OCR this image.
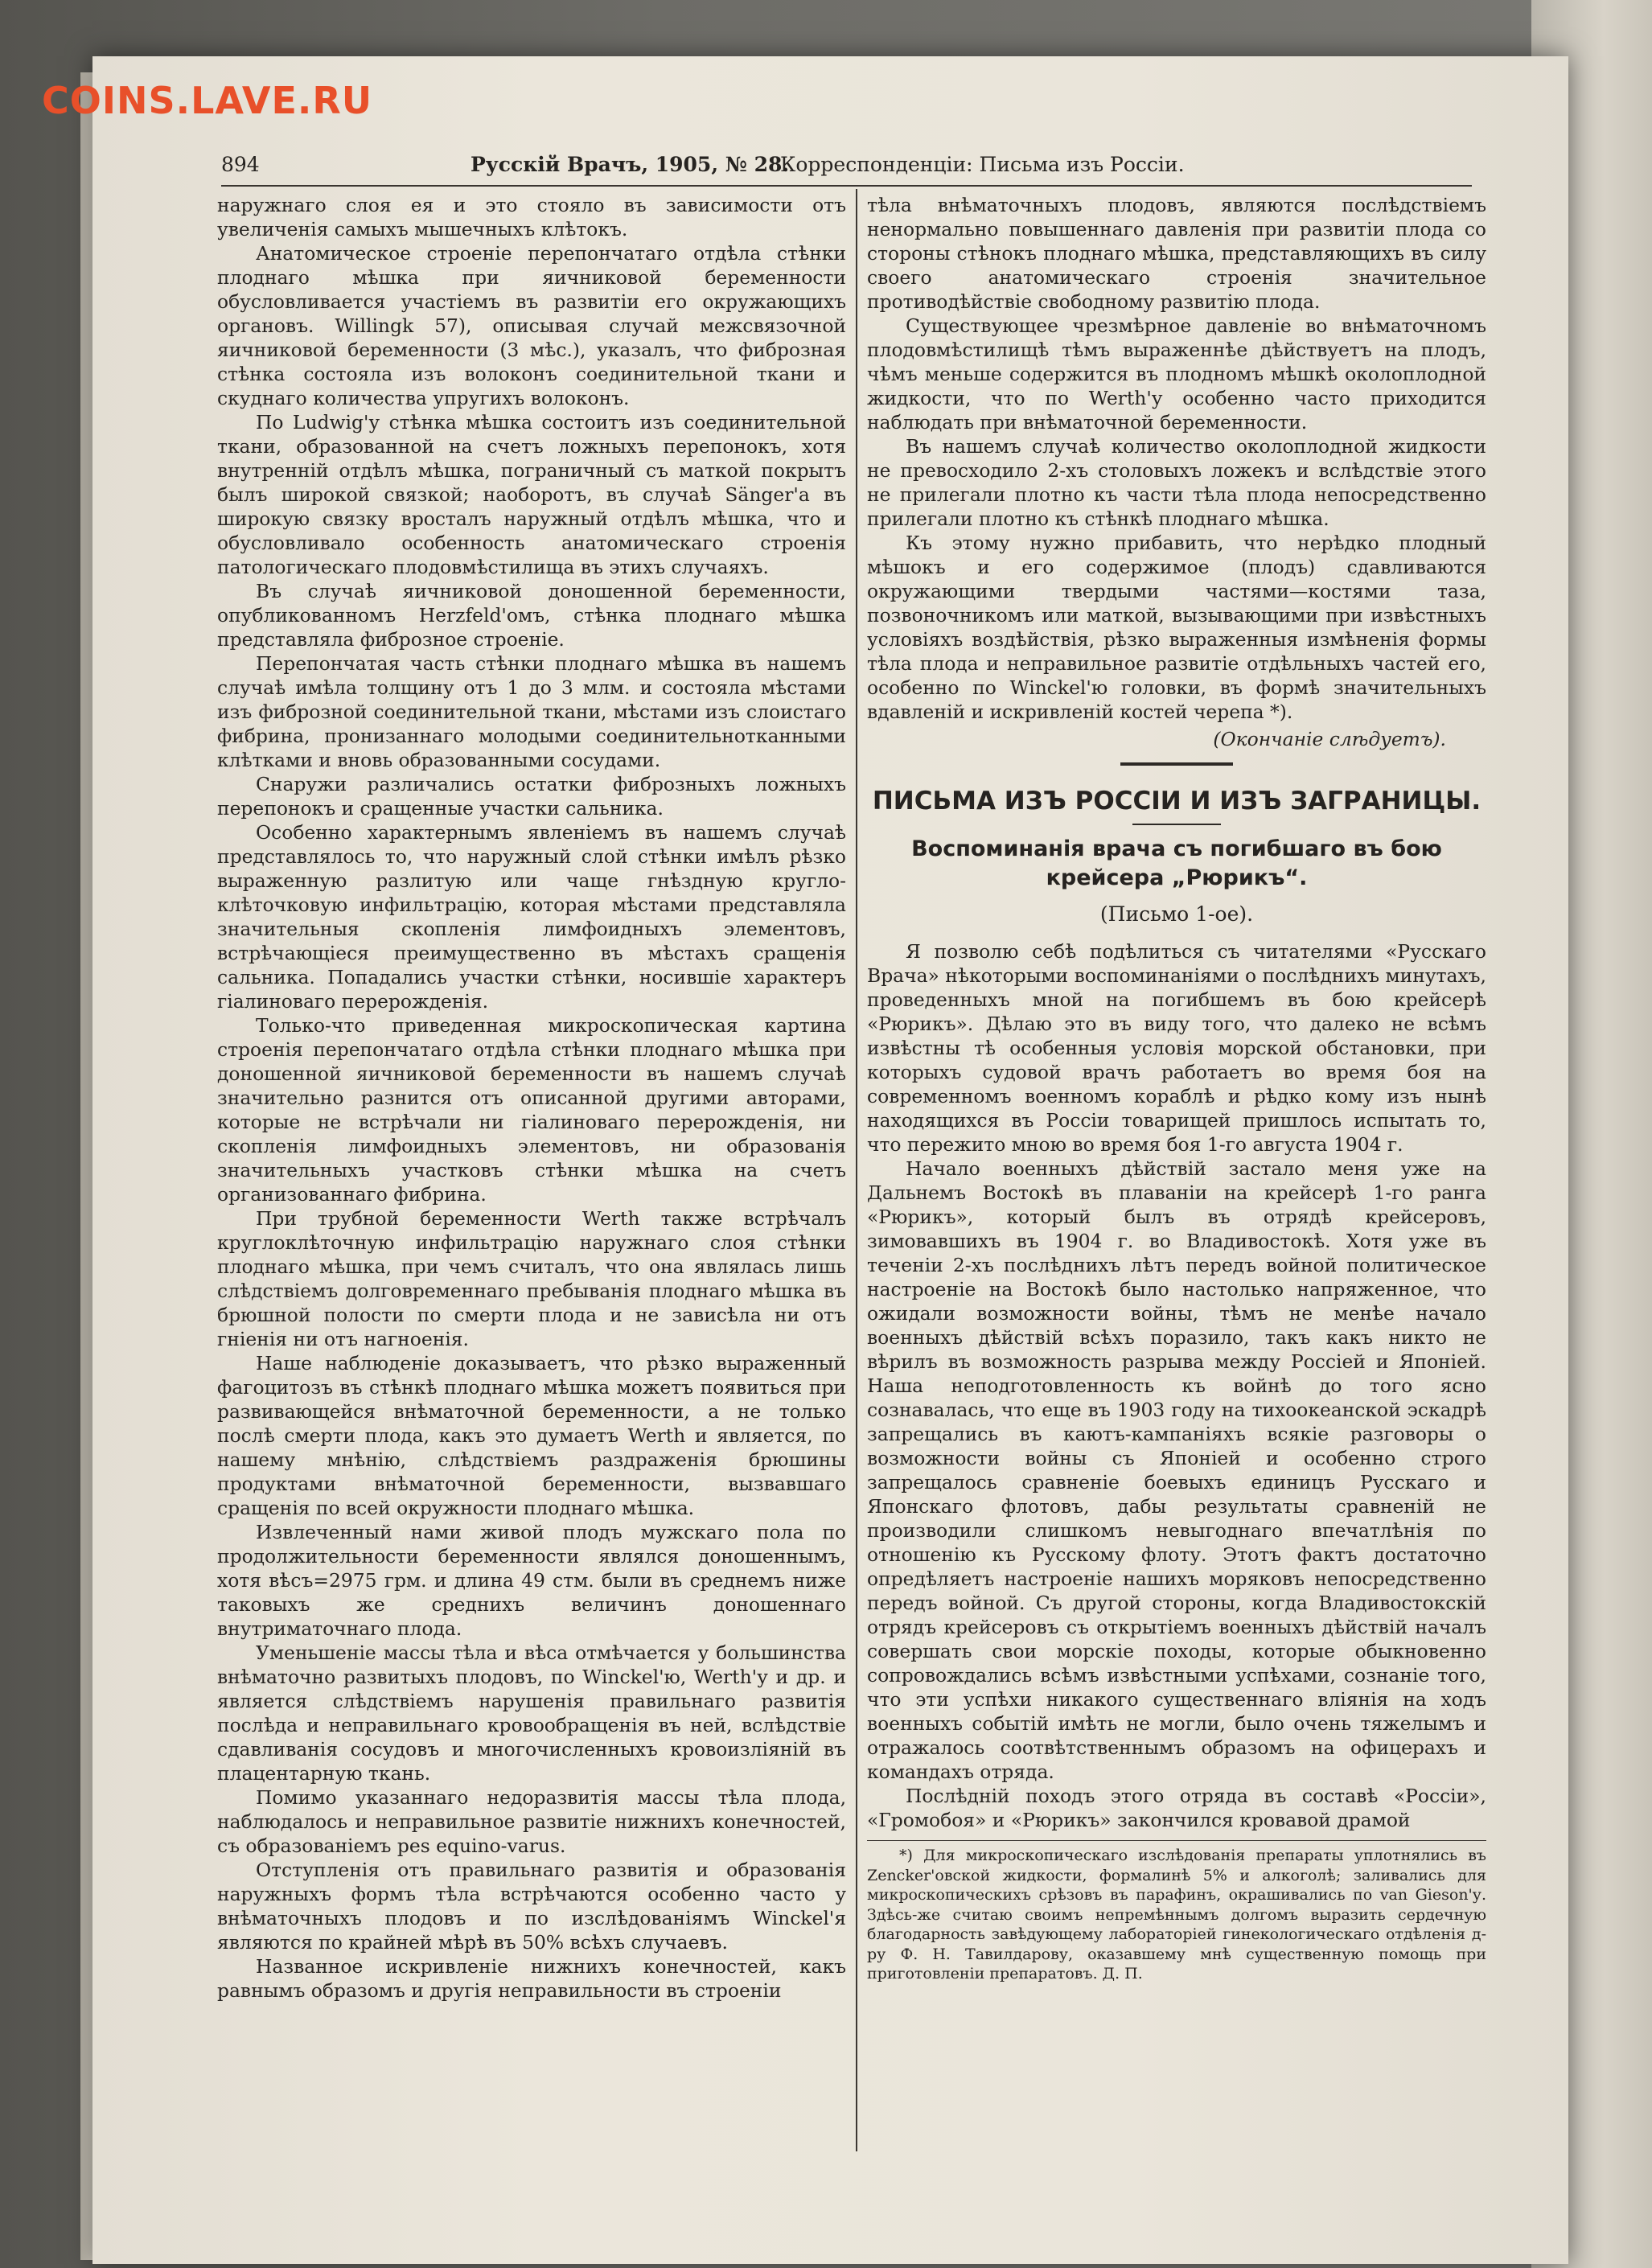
COINS.LAVE.RU
894	Русскій Врачъ, 1905, № 28.
Корреспонденціи: Письма изъ Россіи.

наружнаго слоя ея и это стояло въ зависимости отъ увеличенія самыхъ мышечныхъ клѣтокъ.

Анатомическое строеніе перепончатаго отдѣла стѣнки плоднаго мѣшка при яичниковой беременности обусловливается участіемъ въ развитіи его окружающихъ органовъ. Willingk 57), описывая случай межсвязочной яичниковой беременности (3 мѣс.), указалъ, что фиброзная стѣнка состояла изъ волоконъ соединительной ткани и скуднаго количества упругихъ волоконъ.

По Ludwig'у стѣнка мѣшка состоитъ изъ соединительной ткани, образованной на счетъ ложныхъ перепонокъ, хотя внутренній отдѣлъ мѣшка, пограничный съ маткой покрытъ былъ широкой связкой; наоборотъ, въ случаѣ Sänger'а въ широкую связку вросталъ наружный отдѣлъ мѣшка, что и обусловливало особенность анатомическаго строенія патологическаго плодовмѣстилища въ этихъ случаяхъ.

Въ случаѣ яичниковой доношенной беременности, опубликованномъ Herzfeld'омъ, стѣнка плоднаго мѣшка представляла фиброзное строеніе.

Перепончатая часть стѣнки плоднаго мѣшка въ нашемъ случаѣ имѣла толщину отъ 1 до 3 млм. и состояла мѣстами изъ фиброзной соединительной ткани, мѣстами изъ слоистаго фибрина, пронизаннаго молодыми соединительнотканными клѣтками и вновь образованными сосудами.

Снаружи различались остатки фиброзныхъ ложныхъ перепонокъ и сращенные участки сальника.

Особенно характернымъ явленіемъ въ нашемъ случаѣ представлялось то, что наружный слой стѣнки имѣлъ рѣзко выраженную разлитую или чаще гнѣздную кругло-клѣточковую инфильтрацію, которая мѣстами представляла значительныя скопленія лимфоидныхъ элементовъ, встрѣчающіеся преимущественно въ мѣстахъ сращенія сальника. Попадались участки стѣнки, носившіе характеръ гіалиноваго перерожденія.

Только-что приведенная микроскопическая картина строенія перепончатаго отдѣла стѣнки плоднаго мѣшка при доношенной яичниковой беременности въ нашемъ случаѣ значительно разнится отъ описанной другими авторами, которые не встрѣчали ни гіалиноваго перерожденія, ни скопленія лимфоидныхъ элементовъ, ни образованія значительныхъ участковъ стѣнки мѣшка на счетъ организованнаго фибрина.

При трубной беременности Werth также встрѣчалъ круглоклѣточную инфильтрацію наружнаго слоя стѣнки плоднаго мѣшка, при чемъ считалъ, что она являлась лишь слѣдствіемъ долговременнаго пребыванія плоднаго мѣшка въ брюшной полости по смерти плода и не зависѣла ни отъ гніенія ни отъ нагноенія.

Наше наблюденіе доказываетъ, что рѣзко выраженный фагоцитозъ въ стѣнкѣ плоднаго мѣшка можетъ появиться при развивающейся внѣматочной беременности, а не только послѣ смерти плода, какъ это думаетъ Werth и является, по нашему мнѣнію, слѣдствіемъ раздраженія брюшины продуктами внѣматочной беременности, вызвавшаго сращенія по всей окружности плоднаго мѣшка.

Извлеченный нами живой плодъ мужскаго пола по продолжительности беременности являлся доношеннымъ, хотя вѣсъ=2975 грм. и длина 49 стм. были въ среднемъ ниже таковыхъ же среднихъ величинъ доношеннаго внутриматочнаго плода.

Уменьшеніе массы тѣла и вѣса отмѣчается у большинства внѣматочно развитыхъ плодовъ, по Winckel'ю, Werth'у и др. и является слѣдствіемъ нарушенія правильнаго развитія послѣда и неправильнаго кровообращенія въ ней, вслѣдствіе сдавливанія сосудовъ и многочисленныхъ кровоизліяній въ плацентарную ткань.

Помимо указаннаго недоразвитія массы тѣла плода, наблюдалось и неправильное развитіе нижнихъ конечностей, съ образованіемъ pes equino-varus.

Отступленія отъ правильнаго развитія и образованія наружныхъ формъ тѣла встрѣчаются особенно часто у внѣматочныхъ плодовъ и по изслѣдованіямъ Winckel'я являются по крайней мѣрѣ въ 50% всѣхъ случаевъ.

Названное искривленіе нижнихъ конечностей, какъ равнымъ образомъ и другія неправильности въ строеніи

тѣла внѣматочныхъ плодовъ, являются послѣдствіемъ ненормально повышеннаго давленія при развитіи плода со стороны стѣнокъ плоднаго мѣшка, представляющихъ въ силу своего анатомическаго строенія значительное противодѣйствіе свободному развитію плода.

Существующее чрезмѣрное давленіе во внѣматочномъ плодовмѣстилищѣ тѣмъ выраженнѣе дѣйствуетъ на плодъ, чѣмъ меньше содержится въ плодномъ мѣшкѣ околоплодной жидкости, что по Werth'у особенно часто приходится наблюдать при внѣматочной беременности.

Въ нашемъ случаѣ количество околоплодной жидкости не превосходило 2-хъ столовыхъ ложекъ и вслѣдствіе этого не прилегали плотно къ части тѣла плода непосредственно прилегали плотно къ стѣнкѣ плоднаго мѣшка.

Къ этому нужно прибавить, что нерѣдко плодный мѣшокъ и его содержимое (плодъ) сдавливаются окружающими твердыми частями—костями таза, позвоночникомъ или маткой, вызывающими при извѣстныхъ условіяхъ воздѣйствія, рѣзко выраженныя измѣненія формы тѣла плода и неправильное развитіе отдѣльныхъ частей его, особенно по Winckel'ю головки, въ формѣ значительныхъ вдавленій и искривленій костей черепа *).

(Окончаніе слѣдуетъ).
ПИСЬМА ИЗЪ РОССІИ И ИЗЪ ЗАГРАНИЦЫ.
Воспоминанія врача съ погибшаго въ бою крейсера „Рюрикъ“.
(Письмо 1-ое).

Я позволю себѣ подѣлиться съ читателями «Русскаго Врача» нѣкоторыми воспоминаніями о послѣднихъ минутахъ, проведенныхъ мной на погибшемъ въ бою крейсерѣ «Рюрикъ». Дѣлаю это въ виду того, что далеко не всѣмъ извѣстны тѣ особенныя условія морской обстановки, при которыхъ судовой врачъ работаетъ во время боя на современномъ военномъ кораблѣ и рѣдко кому изъ нынѣ находящихся въ Россіи товарищей пришлось испытать то, что пережито мною во время боя 1-го августа 1904 г.

Начало военныхъ дѣйствій застало меня уже на Дальнемъ Востокѣ въ плаваніи на крейсерѣ 1-го ранга «Рюрикъ», который былъ въ отрядѣ крейсеровъ, зимовавшихъ въ 1904 г. во Владивостокѣ. Хотя уже въ теченіи 2-хъ послѣднихъ лѣтъ передъ войной политическое настроеніе на Востокѣ было настолько напряженное, что ожидали возможности войны, тѣмъ не менѣе начало военныхъ дѣйствій всѣхъ поразило, такъ какъ никто не вѣрилъ въ возможность разрыва между Россіей и Японіей. Наша неподготовленность къ войнѣ до того ясно сознавалась, что еще въ 1903 году на тихоокеанской эскадрѣ запрещались въ каютъ-кампаніяхъ всякіе разговоры о возможности войны съ Японіей и особенно строго запрещалось сравненіе боевыхъ единицъ Русскаго и Японскаго флотовъ, дабы результаты сравненій не производили слишкомъ невыгоднаго впечатлѣнія по отношенію къ Русскому флоту. Этотъ фактъ достаточно опредѣляетъ настроеніе нашихъ моряковъ непосредственно передъ войной. Съ другой стороны, когда Владивостокскій отрядъ крейсеровъ съ открытіемъ военныхъ дѣйствій началъ совершать свои морскіе походы, которые обыкновенно сопровождались всѣмъ извѣстными успѣхами, сознаніе того, что эти успѣхи никакого существеннаго вліянія на ходъ военныхъ событій имѣть не могли, было очень тяжелымъ и отражалось соотвѣтственнымъ образомъ на офицерахъ и командахъ отряда.

Послѣдній походъ этого отряда въ составѣ «Россіи», «Громобоя» и «Рюрикъ» закончился кровавой драмой

*) Для микроскопическаго изслѣдованія препараты уплотнялись въ Zencker'овской жидкости, формалинѣ 5% и алкоголѣ; заливались для микроскопическихъ срѣзовъ въ парафинъ, окрашивались по van Gieson'у. Здѣсь-же считаю своимъ непремѣннымъ долгомъ выразить сердечную благодарность завѣдующему лабораторіей гинекологическаго отдѣленія д-ру Ф. Н. Тавилдарову, оказавшему мнѣ существенную помощь при приготовленіи препаратовъ. Д. П.
